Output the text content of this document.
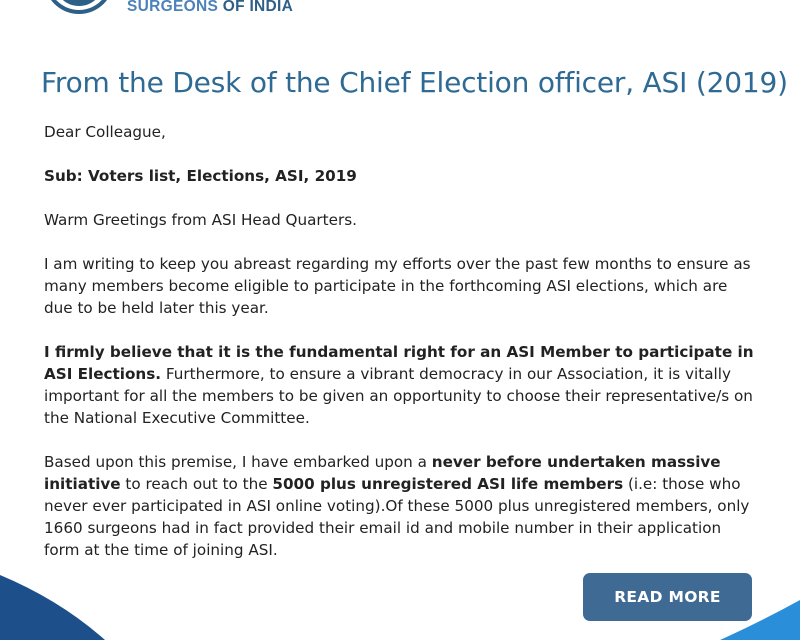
SURGEONS OF INDIA

From the Desk of the Chief Election officer, ASI (2019)

Dear Colleague,

Sub: Voters list, Elections, ASI, 2019

Warm Greetings from ASI Head Quarters.

I am writing to keep you abreast regarding my efforts over the past few months to ensure as many members become eligible to participate in the forthcoming ASI elections, which are due to be held later this year.

I firmly believe that it is the fundamental right for an ASI Member to participate in ASI Elections. Furthermore, to ensure a vibrant democracy in our Association, it is vitally important for all the members to be given an opportunity to choose their representative/s on the National Executive Committee.

Based upon this premise, I have embarked upon a never before undertaken massive initiative to reach out to the 5000 plus unregistered ASI life members (i.e: those who never ever participated in ASI online voting).Of these 5000 plus unregistered members, only 1660 surgeons had in fact provided their email id and mobile number in their application form at the time of joining ASI.

READ MORE
